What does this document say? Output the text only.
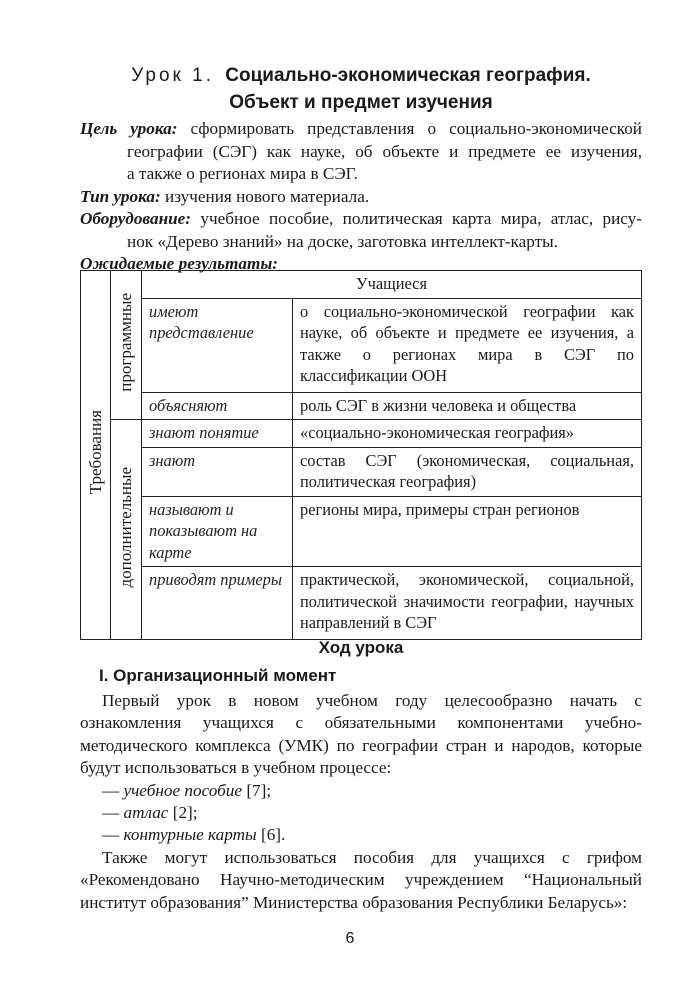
Урок 1. Социально-экономическая география.
Объект и предмет изучения
Цель урока: сформировать представления о социально-экономической
географии (СЭГ) как науке, об объекте и предмете ее изучения,
а также о регионах мира в СЭГ.
Тип урока: изучения нового материала.
Оборудование: учебное пособие, политическая карта мира, атлас, рису-
нок «Дерево знаний» на доске, заготовка интеллект-карты.
Ожидаемые результаты:
Требования	программные	Учащиеся	
		имеют представление	о социально-экономической географии как науке, об объекте и предмете ее изучения, а также о регионах мира в СЭГ по классификации ООН
		объясняют	роль СЭГ в жизни человека и общества
	дополнительные	знают понятие	«социально-экономическая география»
		знают	состав СЭГ (экономическая, социальная, политическая география)
		называют и показывают на карте	регионы мира, примеры стран регионов
		приводят примеры	практической, экономической, социальной, политической значимости географии, научных направлений в СЭГ
Ход урока
I. Организационный момент

Первый урок в новом учебном году целесообразно начать с ознакомления учащихся с обязательными компонентами учебно-методического комплекса (УМК) по географии стран и народов, которые будут использоваться в учебном процессе:

— учебное пособие [7];
— атлас [2];
— контурные карты [6].

Также могут использоваться пособия для учащихся с грифом «Рекомендовано Научно-методическим учреждением “Национальный институт образования” Министерства образования Республики Беларусь»:

6
